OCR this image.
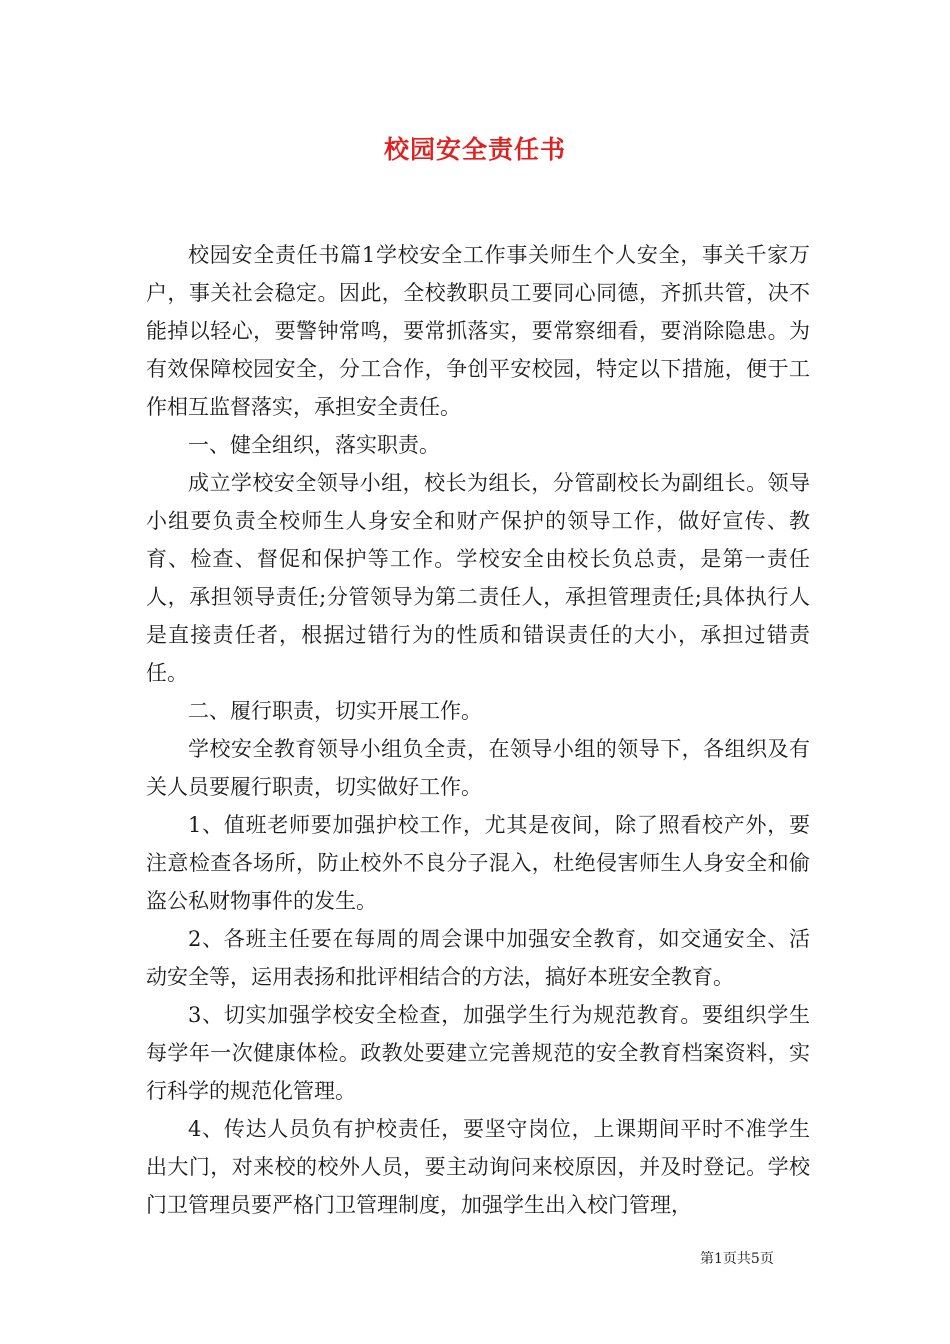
校园安全责任书

校园安全责任书篇1学校安全工作事关师生个人安全，事关千家万户，事关社会稳定。因此，全校教职员工要同心同德，齐抓共管，决不能掉以轻心，要警钟常鸣，要常抓落实，要常察细看，要消除隐患。为有效保障校园安全，分工合作，争创平安校园，特定以下措施，便于工作相互监督落实，承担安全责任。

一、健全组织，落实职责。

成立学校安全领导小组，校长为组长，分管副校长为副组长。领导小组要负责全校师生人身安全和财产保护的领导工作，做好宣传、教育、检查、督促和保护等工作。学校安全由校长负总责，是第一责任人，承担领导责任;分管领导为第二责任人，承担管理责任;具体执行人是直接责任者，根据过错行为的性质和错误责任的大小，承担过错责任。

二、履行职责，切实开展工作。

学校安全教育领导小组负全责，在领导小组的领导下，各组织及有关人员要履行职责，切实做好工作。

1、值班老师要加强护校工作，尤其是夜间，除了照看校产外，要注意检查各场所，防止校外不良分子混入，杜绝侵害师生人身安全和偷盗公私财物事件的发生。

2、各班主任要在每周的周会课中加强安全教育，如交通安全、活动安全等，运用表扬和批评相结合的方法，搞好本班安全教育。

3、切实加强学校安全检查，加强学生行为规范教育。要组织学生每学年一次健康体检。政教处要建立完善规范的安全教育档案资料，实行科学的规范化管理。

4、传达人员负有护校责任，要坚守岗位，上课期间平时不准学生出大门，对来校的校外人员，要主动询问来校原因，并及时登记。学校门卫管理员要严格门卫管理制度，加强学生出入校门管理，

第1页共5页
